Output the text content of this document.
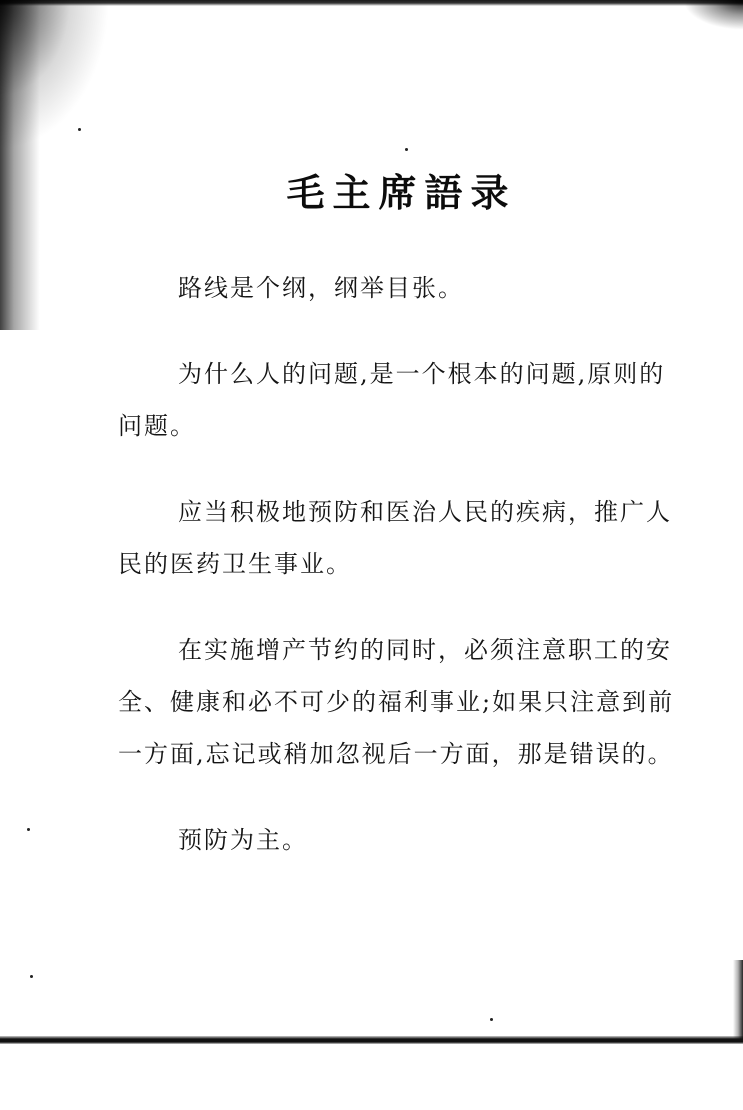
毛主席語录

路线是个纲，纲举目张。

为什么人的问题,是一个根本的问题,原则的问题。

应当积极地预防和医治人民的疾病，推广人民的医药卫生事业。

在实施增产节约的同时，必须注意职工的安全、健康和必不可少的福利事业;如果只注意到前一方面,忘记或稍加忽视后一方面，那是错误的。

预防为主。
